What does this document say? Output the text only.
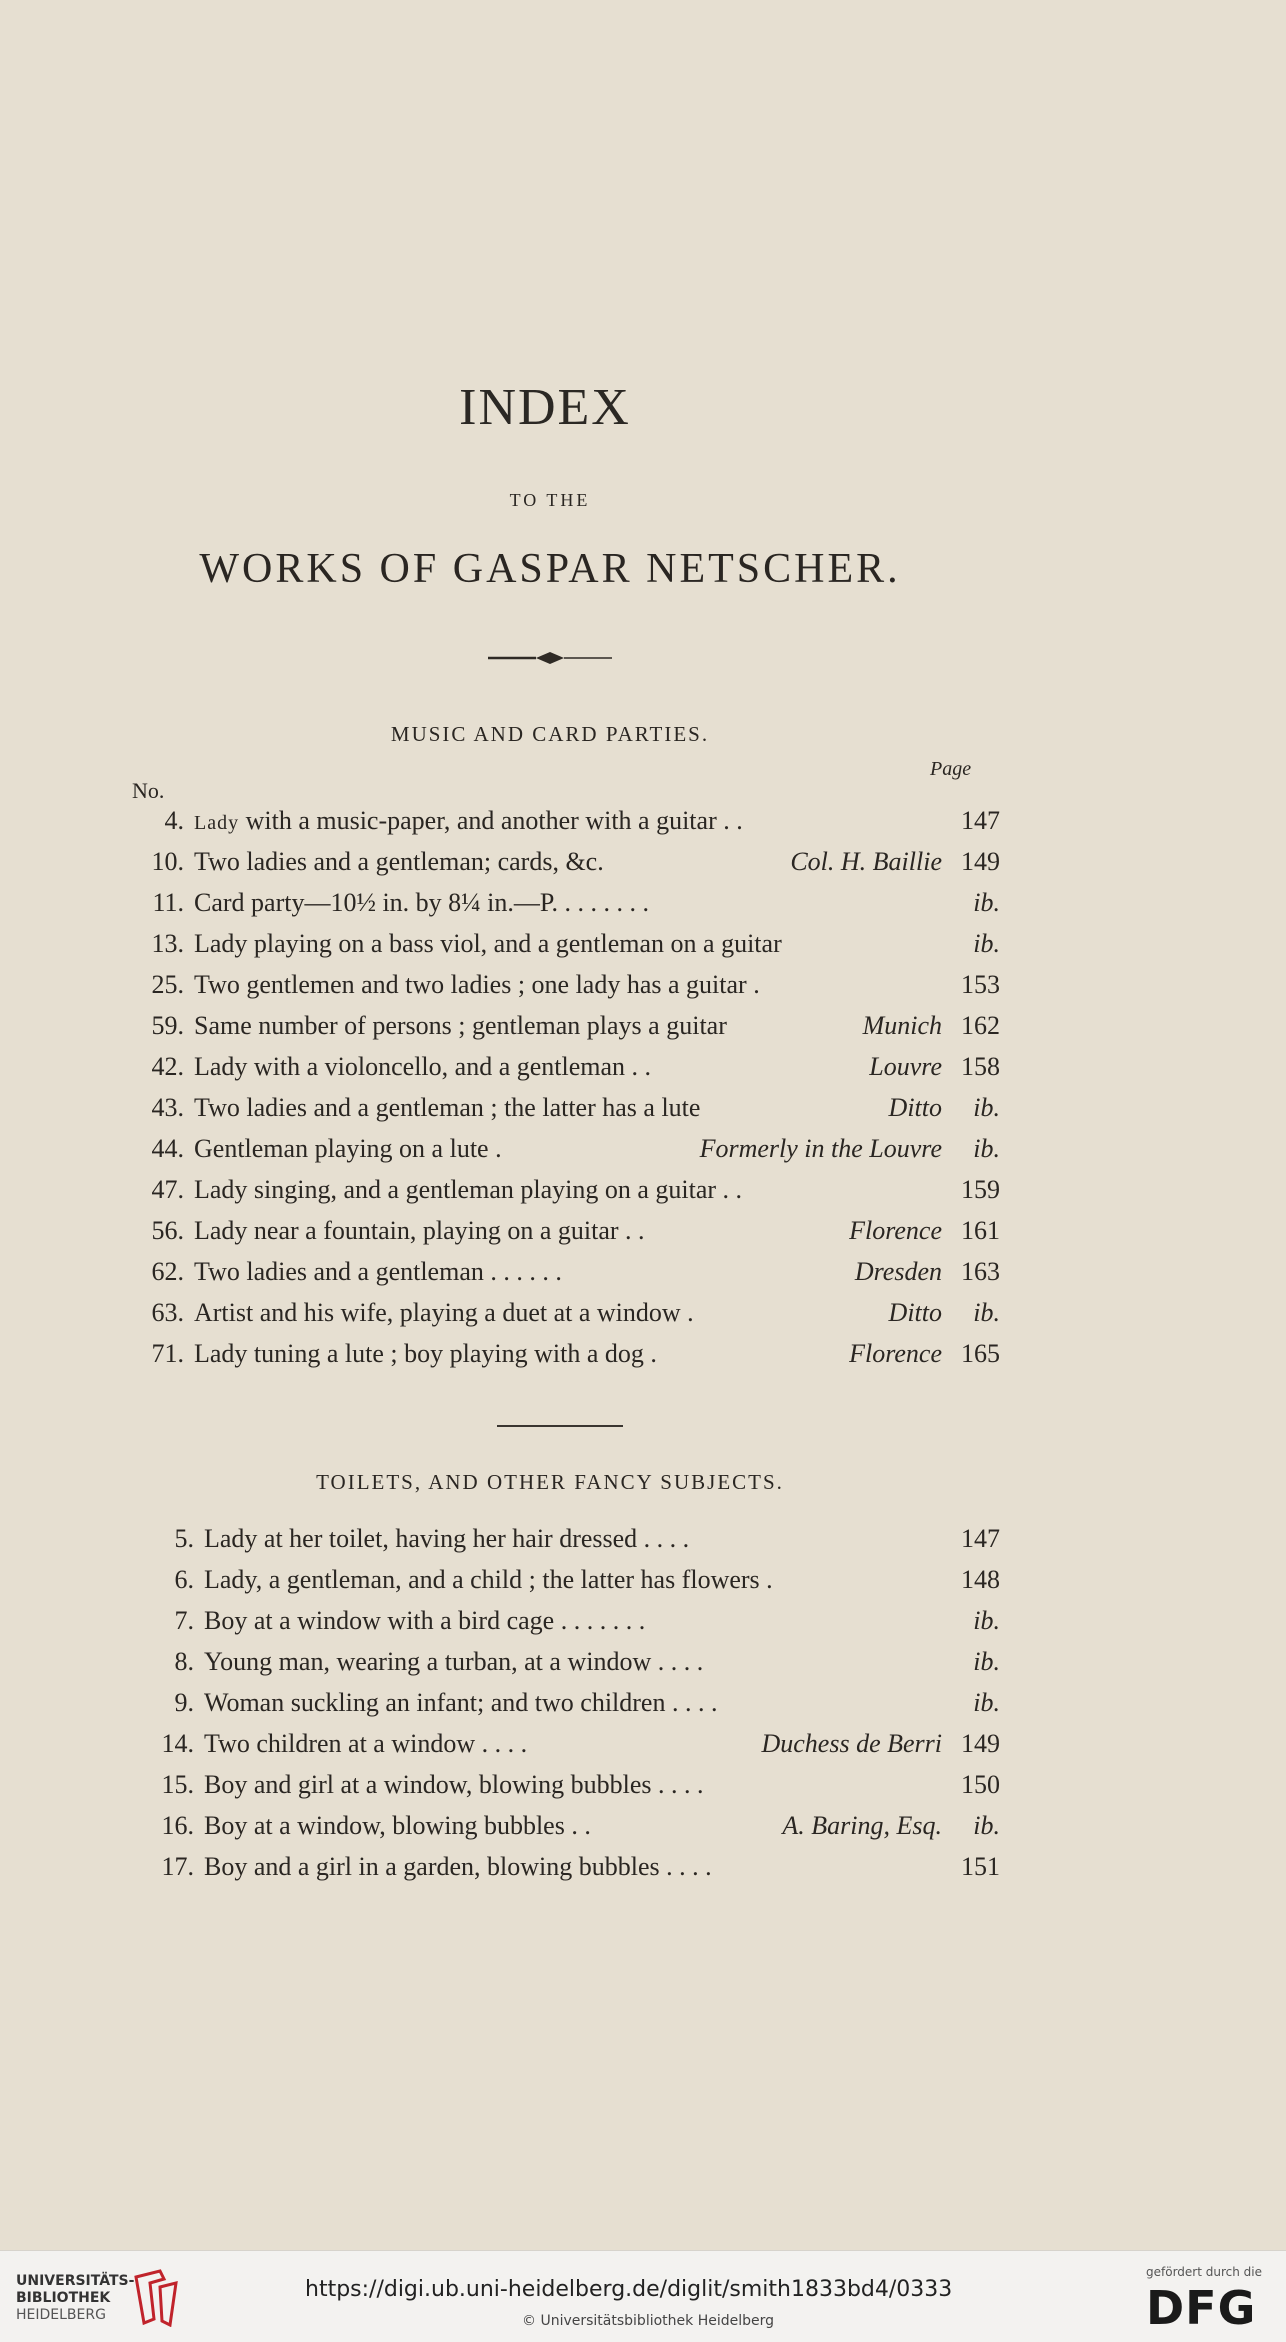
INDEX
TO THE
WORKS OF GASPAR NETSCHER.
MUSIC AND CARD PARTIES.
Page
No.
4. Lady with a music-paper, and another with a guitar . .	147
10. Two ladies and a gentleman; cards, &c.	Col. H. Baillie 149
11. Card party—10½ in. by 8¼ in.—P. . . . . . . .	ib.
13. Lady playing on a bass viol, and a gentleman on a guitar	ib.
25. Two gentlemen and two ladies ; one lady has a guitar .	153
59. Same number of persons ; gentleman plays a guitar	Munich 162
42. Lady with a violoncello, and a gentleman . .	Louvre 158
43. Two ladies and a gentleman ; the latter has a lute	Ditto	ib.
44. Gentleman playing on a lute .	Formerly in the Louvre	ib.
47. Lady singing, and a gentleman playing on a guitar . .	159
56. Lady near a fountain, playing on a guitar . .	Florence 161
62. Two ladies and a gentleman . . . . . .	Dresden 163
63. Artist and his wife, playing a duet at a window .	Ditto	ib.
71. Lady tuning a lute ; boy playing with a dog .	Florence 165
TOILETS, AND OTHER FANCY SUBJECTS.
5. Lady at her toilet, having her hair dressed . . . .	147
6. Lady, a gentleman, and a child ; the latter has flowers .	148
7. Boy at a window with a bird cage . . . . . . .	ib.
8. Young man, wearing a turban, at a window . . . .	ib.
9. Woman suckling an infant; and two children . . . .	ib.
14. Two children at a window . . . .	Duchess de Berri 149
15. Boy and girl at a window, blowing bubbles . . . .	150
16. Boy at a window, blowing bubbles . .	A. Baring, Esq.	ib.
17. Boy and a girl in a garden, blowing bubbles . . . .	151
UNIVERSITÄTS-
BIBLIOTHEK
HEIDELBERG
https://digi.ub.uni-heidelberg.de/diglit/smith1833bd4/0333
© Universitätsbibliothek Heidelberg
gefördert durch die
DFG
